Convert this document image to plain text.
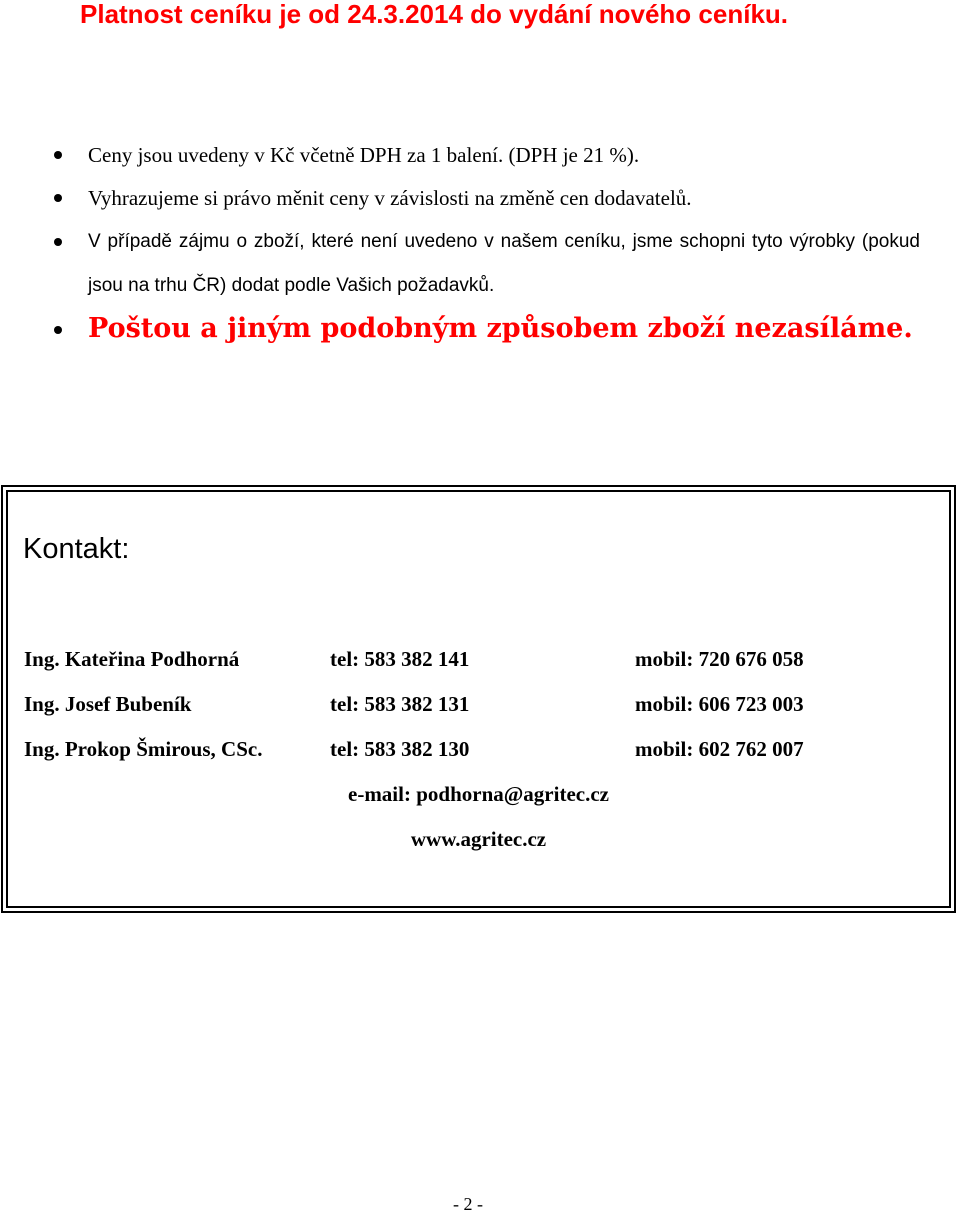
Platnost ceníku je od 24.3.2014 do vydání nového ceníku.
Ceny jsou uvedeny v Kč včetně DPH za 1 balení. (DPH je 21 %).
Vyhrazujeme si právo měnit ceny v závislosti na změně cen dodavatelů.
V případě zájmu o zboží, které není uvedeno v našem ceníku, jsme schopni tyto výrobky (pokud jsou na trhu ČR) dodat podle Vašich požadavků.
Poštou a jiným podobným způsobem zboží nezasíláme.
Kontakt:
Ing. Kateřina Podhorná	tel: 583 382 141	mobil: 720 676 058
Ing. Josef Bubeník	tel: 583 382 131	mobil: 606 723 003
Ing. Prokop Šmirous, CSc.	tel: 583 382 130	mobil: 602 762 007
e-mail: podhorna@agritec.cz
www.agritec.cz
- 2 -
